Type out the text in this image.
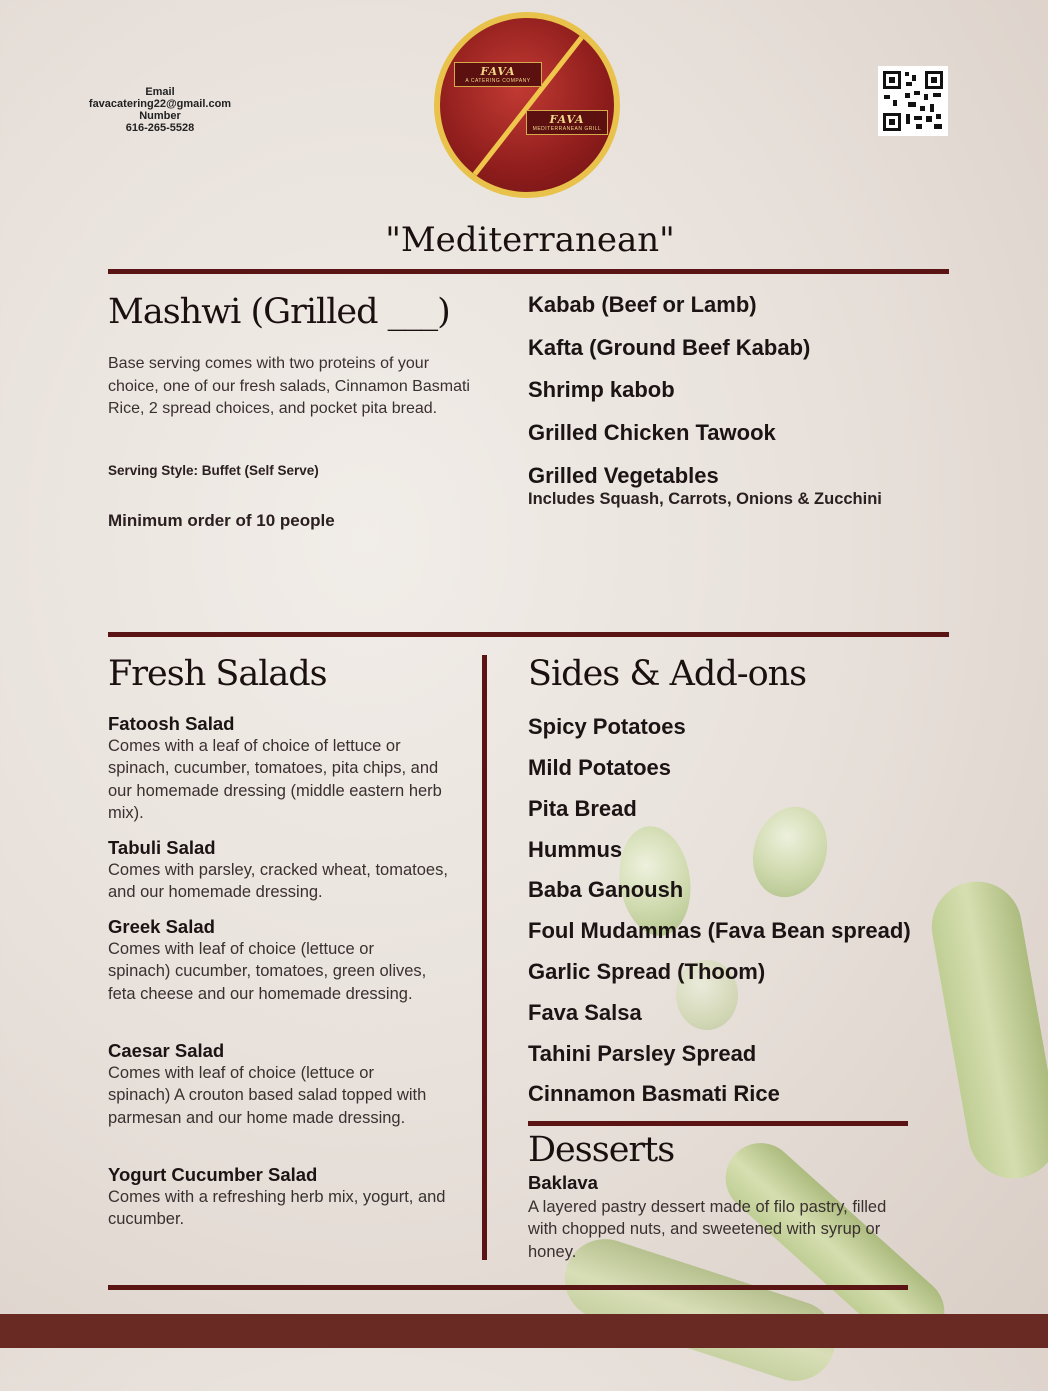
Email
favacatering22@gmail.com
Number
616-265-5528
FAVA
A CATERING COMPANY
FAVA
MEDITERRANEAN GRILL
"Mediterranean"
Mashwi (Grilled ___)
Base serving comes with two proteins of your choice, one of our fresh salads, Cinnamon Basmati Rice, 2 spread choices, and pocket pita bread.
Serving Style: Buffet (Self Serve)
Minimum order of 10 people
Kabab (Beef or Lamb)
Kafta (Ground Beef Kabab)
Shrimp kabob
Grilled Chicken Tawook
Grilled Vegetables
Includes Squash, Carrots, Onions & Zucchini
Fresh Salads
Fatoosh Salad
Comes with a leaf of choice of lettuce or spinach, cucumber, tomatoes, pita chips, and our homemade dressing (middle eastern herb mix).
Tabuli Salad
Comes with parsley, cracked wheat, tomatoes, and our homemade dressing.
Greek Salad
Comes with leaf of choice (lettuce or spinach) cucumber, tomatoes, green olives, feta cheese and our homemade dressing.
Caesar Salad
Comes with leaf of choice (lettuce or spinach) A crouton based salad topped with parmesan and our home made dressing.
Yogurt Cucumber Salad
Comes with a refreshing herb mix, yogurt, and cucumber.
Sides & Add-ons
Spicy Potatoes
Mild Potatoes
Pita Bread
Hummus
Baba Ganoush
Foul Mudammas (Fava Bean spread)
Garlic Spread (Thoom)
Fava Salsa
Tahini Parsley Spread
Cinnamon Basmati Rice
Desserts
Baklava
A layered pastry dessert made of filo pastry, filled with chopped nuts, and sweetened with syrup or honey.
